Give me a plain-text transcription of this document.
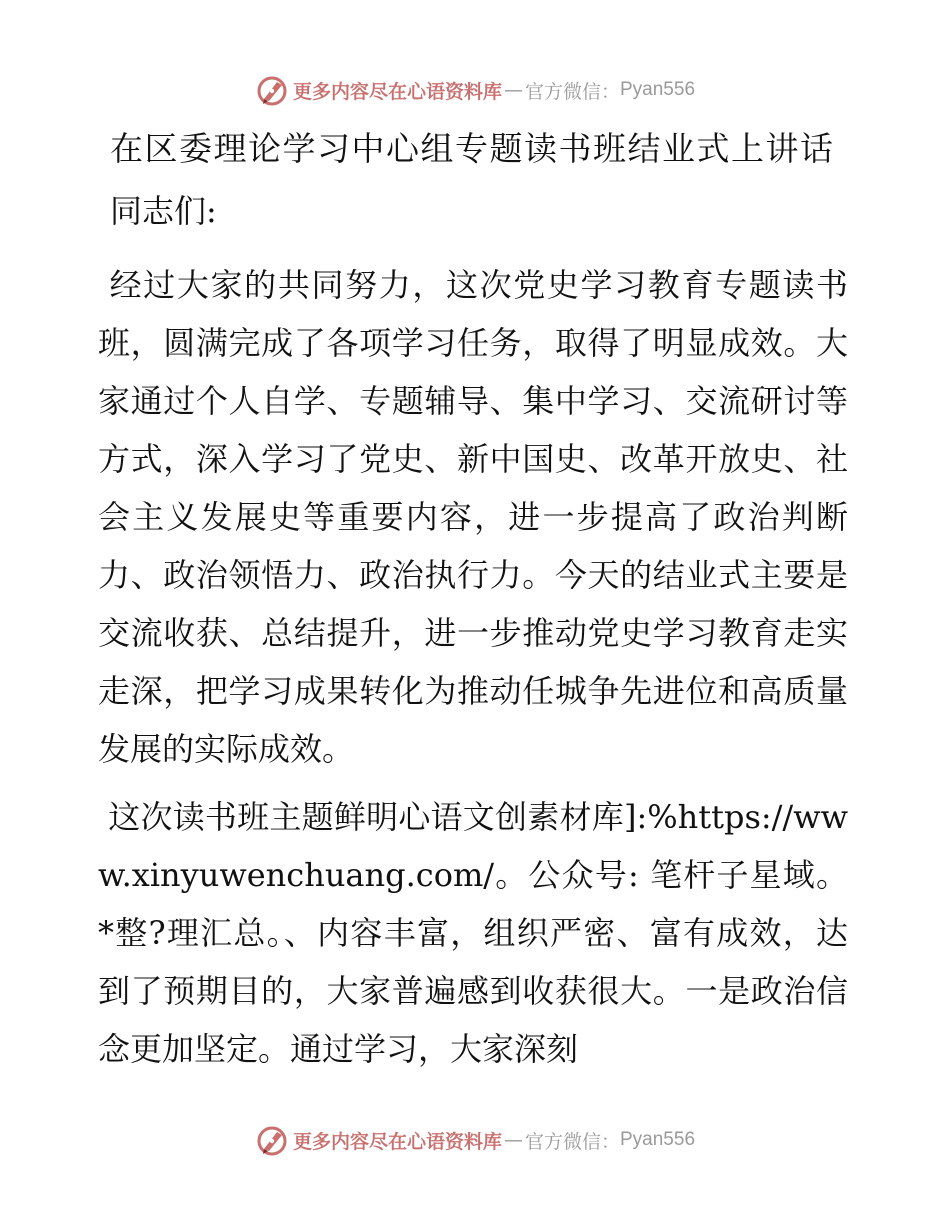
更多内容尽在心语资料库 — 官方微信： Pyan556
在区委理论学习中心组专题读书班结业式上讲话
同志们:
经过大家的共同努力，这次党史学习教育专题读书班，圆满完成了各项学习任务，取得了明显成效。大家通过个人自学、专题辅导、集中学习、交流研讨等方式，深入学习了党史、新中国史、改革开放史、社会主义发展史等重要内容，进一步提高了政治判断力、政治领悟力、政治执行力。今天的结业式主要是交流收获、总结提升，进一步推动党史学习教育走实走深，把学习成果转化为推动任城争先进位和高质量发展的实际成效。
这次读书班主题鲜明心语文创素材库]:%https://www.xinyuwenchuang.com/。公众号: 笔杆子星域。*整?理汇总。、内容丰富，组织严密、富有成效，达到了预期目的，大家普遍感到收获很大。一是政治信念更加坚定。通过学习，大家深刻
更多内容尽在心语资料库 — 官方微信： Pyan556
